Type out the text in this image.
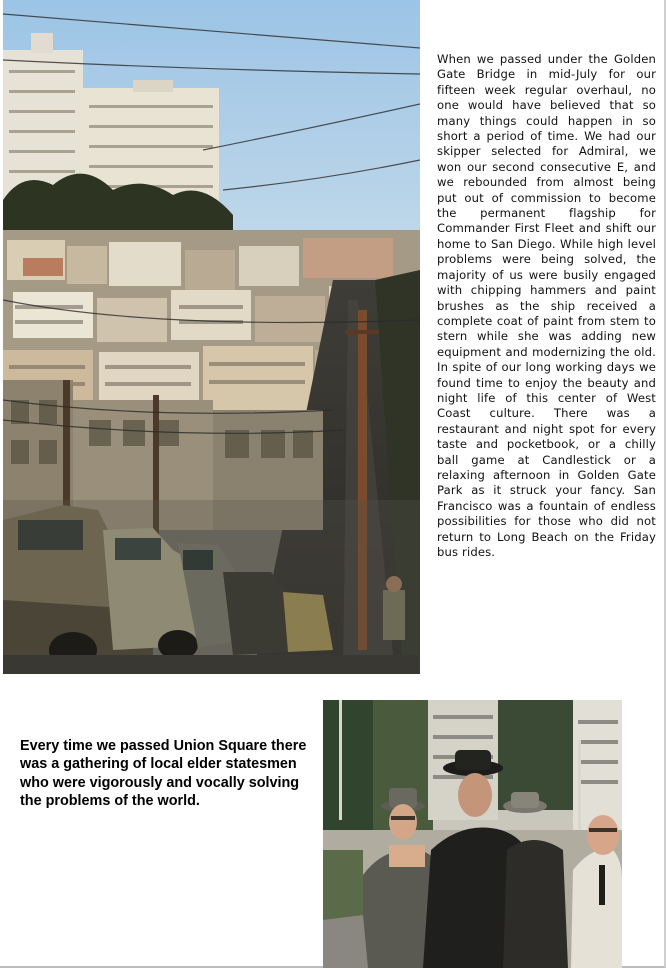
When we passed under the Golden Gate Bridge in mid-July for our fifteen week regular overhaul, no one would have believed that so many things could happen in so short a period of time. We had our skipper selected for Admiral, we won our second consecutive E, and we rebounded from almost being put out of commission to become the permanent flagship for Commander First Fleet and shift our home to San Diego. While high level problems were being solved, the majority of us were busily engaged with chipping hammers and paint brushes as the ship received a complete coat of paint from stem to stern while she was adding new equipment and modernizing the old. In spite of our long working days we found time to enjoy the beauty and night life of this center of West Coast culture. There was a restaurant and night spot for every taste and pocketbook, or a chilly ball game at Candlestick or a relaxing afternoon in Golden Gate Park as it struck your fancy. San Francisco was a fountain of endless possibilities for those who did not return to Long Beach on the Friday bus rides.

Every time we passed Union Square there was a gathering of local elder statesmen who were vigorously and vocally solving the problems of the world.
